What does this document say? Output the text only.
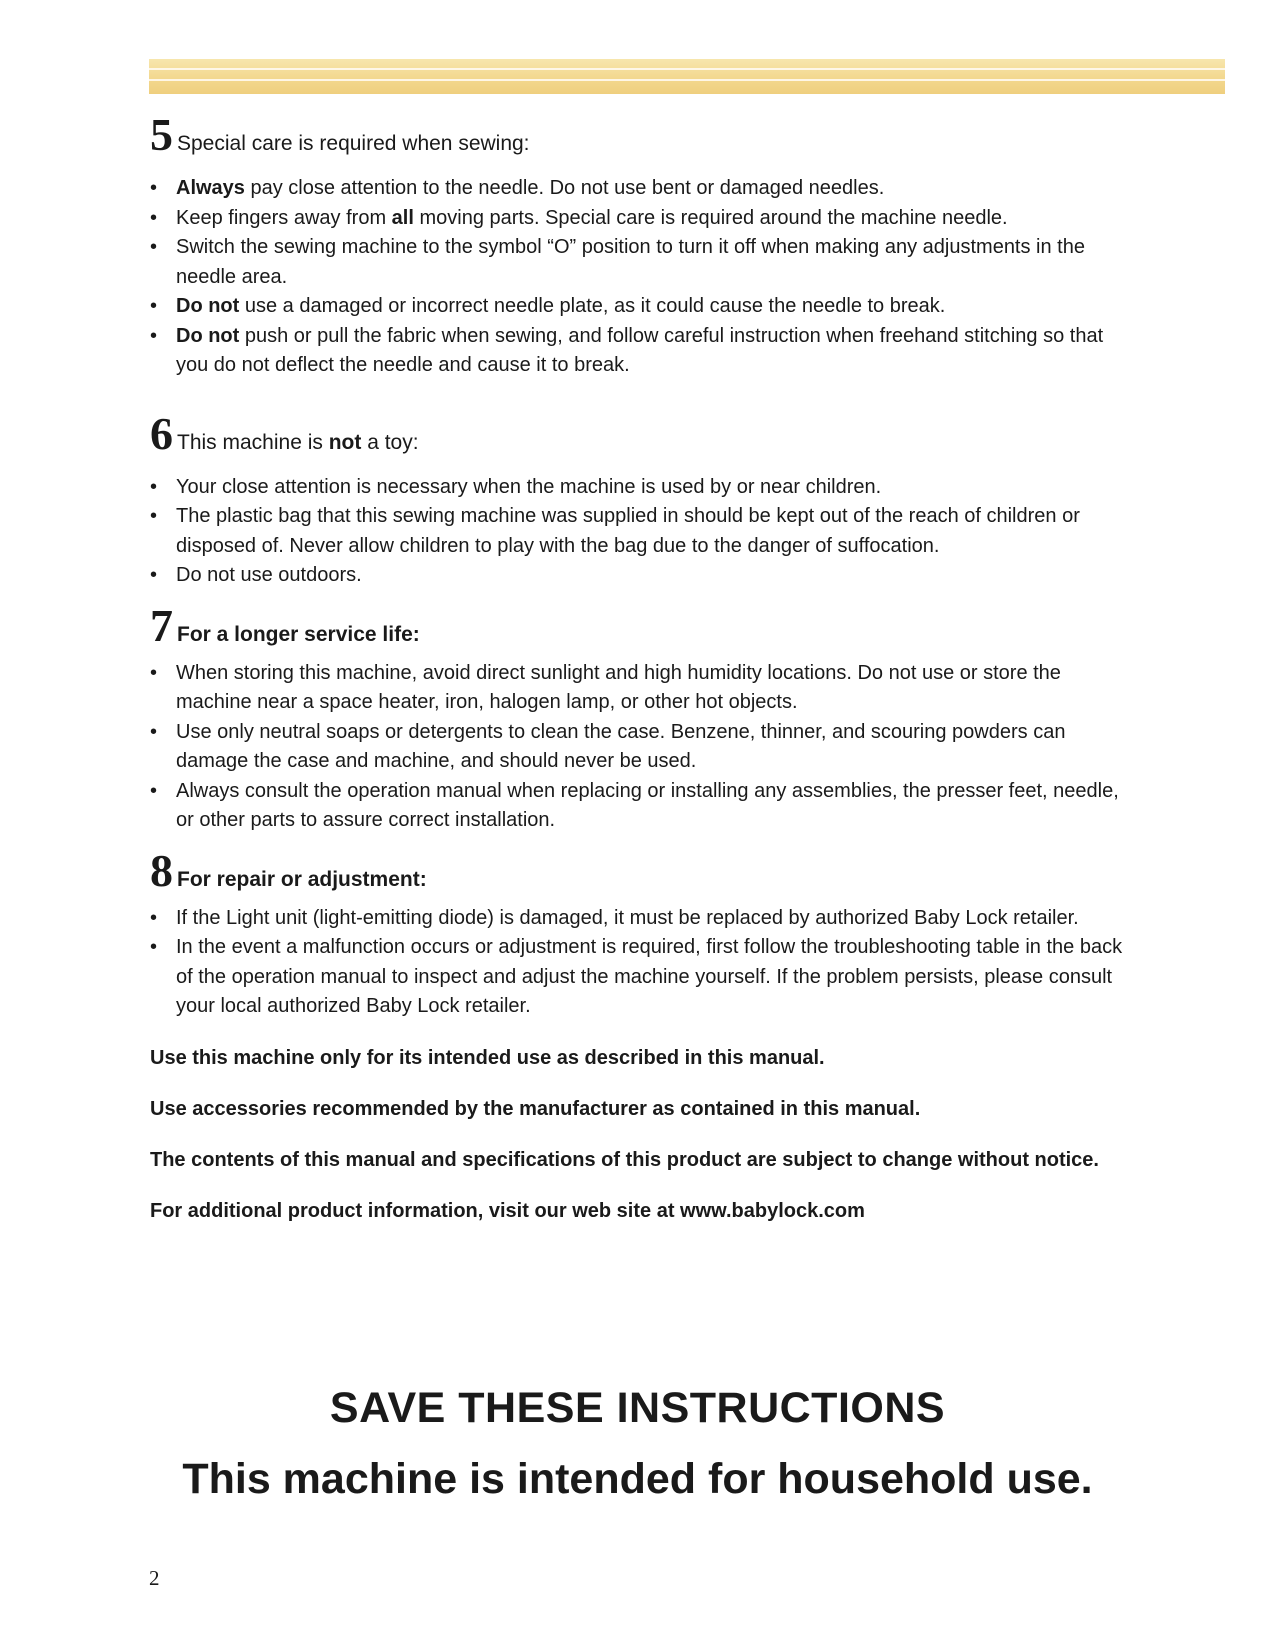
5 Special care is required when sewing:
• Always pay close attention to the needle. Do not use bent or damaged needles.
• Keep fingers away from all moving parts. Special care is required around the machine needle.
• Switch the sewing machine to the symbol “O” position to turn it off when making any adjustments in the needle area.
• Do not use a damaged or incorrect needle plate, as it could cause the needle to break.
• Do not push or pull the fabric when sewing, and follow careful instruction when freehand stitching so that you do not deflect the needle and cause it to break.
6 This machine is not a toy:
• Your close attention is necessary when the machine is used by or near children.
• The plastic bag that this sewing machine was supplied in should be kept out of the reach of children or disposed of. Never allow children to play with the bag due to the danger of suffocation.
• Do not use outdoors.
7 For a longer service life:
• When storing this machine, avoid direct sunlight and high humidity locations. Do not use or store the machine near a space heater, iron, halogen lamp, or other hot objects.
• Use only neutral soaps or detergents to clean the case. Benzene, thinner, and scouring powders can damage the case and machine, and should never be used.
• Always consult the operation manual when replacing or installing any assemblies, the presser feet, needle, or other parts to assure correct installation.
8 For repair or adjustment:
• If the Light unit (light-emitting diode) is damaged, it must be replaced by authorized Baby Lock retailer.
• In the event a malfunction occurs or adjustment is required, first follow the troubleshooting table in the back of the operation manual to inspect and adjust the machine yourself. If the problem persists, please consult your local authorized Baby Lock retailer.

Use this machine only for its intended use as described in this manual.

Use accessories recommended by the manufacturer as contained in this manual.

The contents of this manual and specifications of this product are subject to change without notice.

For additional product information, visit our web site at www.babylock.com

SAVE THESE INSTRUCTIONS
This machine is intended for household use.
2
